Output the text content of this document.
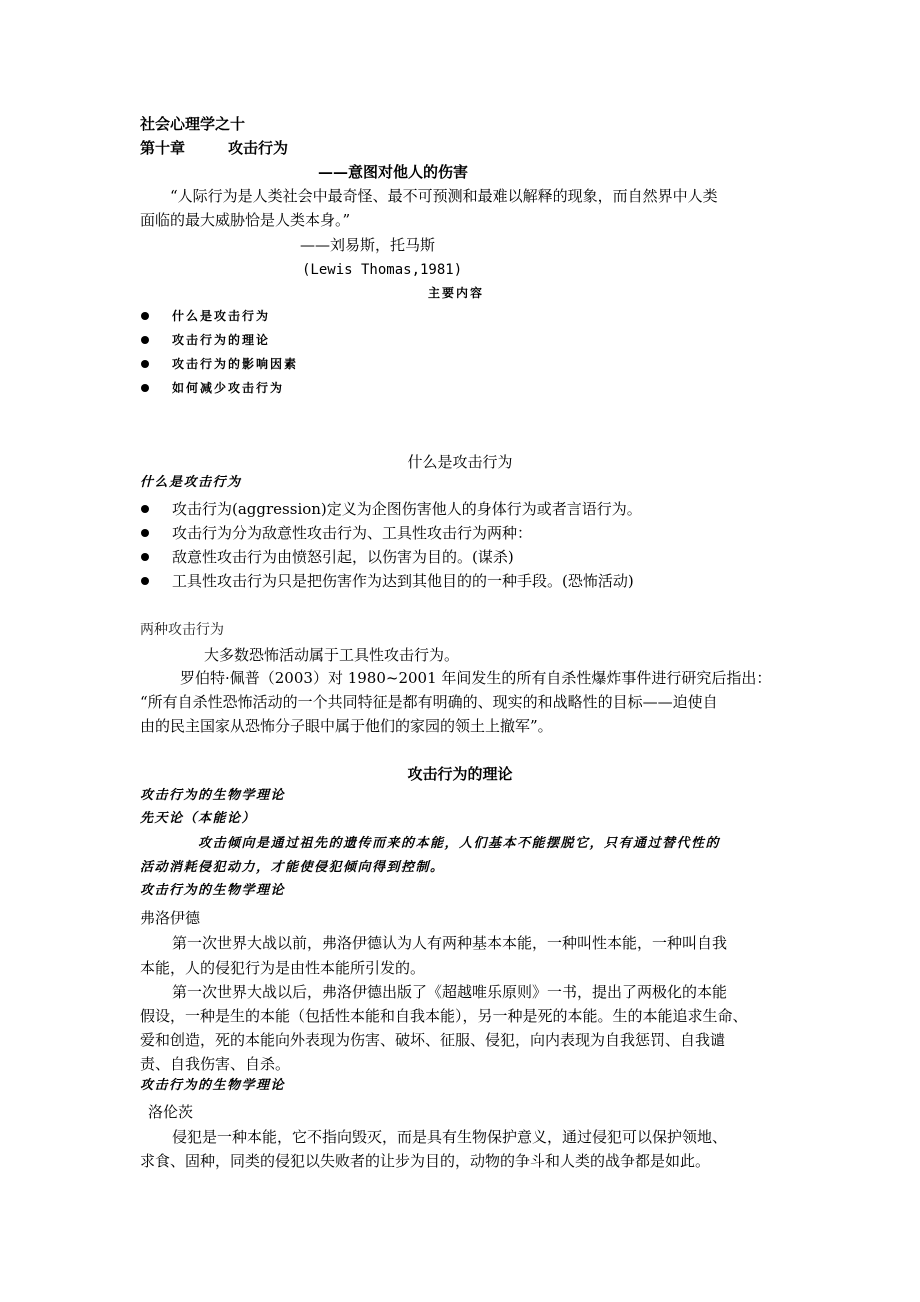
社会心理学之十
第十章	攻击行为
——意图对他人的伤害
“人际行为是人类社会中最奇怪、最不可预测和最难以解释的现象，而自然界中人类
面临的最大威胁恰是人类本身。”
——刘易斯，托马斯
(Lewis Thomas,1981)
主要内容
什么是攻击行为
攻击行为的理论
攻击行为的影响因素
如何减少攻击行为
什么是攻击行为
什么是攻击行为
攻击行为(aggression)定义为企图伤害他人的身体行为或者言语行为。
攻击行为分为敌意性攻击行为、工具性攻击行为两种：
敌意性攻击行为由愤怒引起，以伤害为目的。(谋杀)
工具性攻击行为只是把伤害作为达到其他目的的一种手段。(恐怖活动)
两种攻击行为
大多数恐怖活动属于工具性攻击行为。
罗伯特·佩普（2003）对 1980~2001 年间发生的所有自杀性爆炸事件进行研究后指出：
“所有自杀性恐怖活动的一个共同特征是都有明确的、现实的和战略性的目标——迫使自
由的民主国家从恐怖分子眼中属于他们的家园的领土上撤军”。
攻击行为的理论
攻击行为的生物学理论
先天论（本能论）
攻击倾向是通过祖先的遗传而来的本能，人们基本不能摆脱它，只有通过替代性的
活动消耗侵犯动力，才能使侵犯倾向得到控制。
攻击行为的生物学理论
弗洛伊德
第一次世界大战以前，弗洛伊德认为人有两种基本本能，一种叫性本能，一种叫自我
本能，人的侵犯行为是由性本能所引发的。
第一次世界大战以后，弗洛伊德出版了《超越唯乐原则》一书，提出了两极化的本能
假设，一种是生的本能（包括性本能和自我本能），另一种是死的本能。生的本能追求生命、
爱和创造，死的本能向外表现为伤害、破坏、征服、侵犯，向内表现为自我惩罚、自我谴
责、自我伤害、自杀。
攻击行为的生物学理论
洛伦茨
侵犯是一种本能，它不指向毁灭，而是具有生物保护意义，通过侵犯可以保护领地、
求食、固种，同类的侵犯以失败者的让步为目的，动物的争斗和人类的战争都是如此。
